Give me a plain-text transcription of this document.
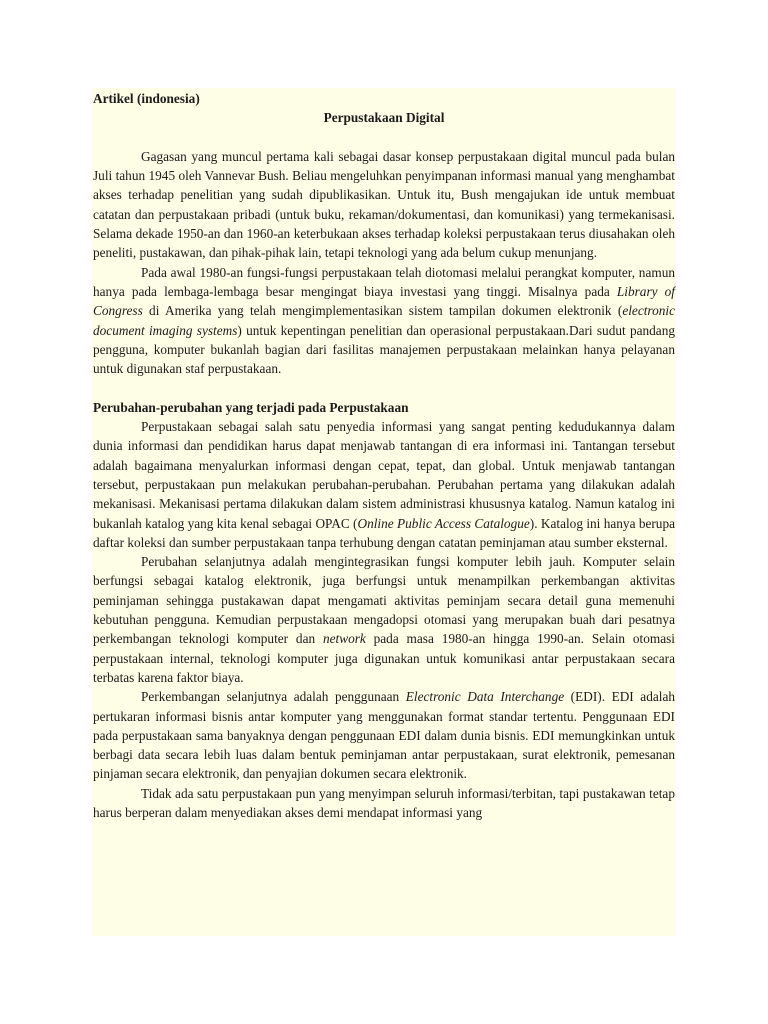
Artikel (indonesia)

Perpustakaan Digital

Gagasan yang muncul pertama kali sebagai dasar konsep perpustakaan digital muncul pada bulan Juli tahun 1945 oleh Vannevar Bush. Beliau mengeluhkan penyimpanan informasi manual yang menghambat akses terhadap penelitian yang sudah dipublikasikan. Untuk itu, Bush mengajukan ide untuk membuat catatan dan perpustakaan pribadi (untuk buku, rekaman/dokumentasi, dan komunikasi) yang termekanisasi. Selama dekade 1950-an dan 1960-an keterbukaan akses terhadap koleksi perpustakaan terus diusahakan oleh peneliti, pustakawan, dan pihak-pihak lain, tetapi teknologi yang ada belum cukup menunjang.

Pada awal 1980-an fungsi-fungsi perpustakaan telah diotomasi melalui perangkat komputer, namun hanya pada lembaga-lembaga besar mengingat biaya investasi yang tinggi. Misalnya pada Library of Congress di Amerika yang telah mengimplementasikan sistem tampilan dokumen elektronik (electronic document imaging systems) untuk kepentingan penelitian dan operasional perpustakaan.Dari sudut pandang pengguna, komputer bukanlah bagian dari fasilitas manajemen perpustakaan melainkan hanya pelayanan untuk digunakan staf perpustakaan.

Perubahan-perubahan yang terjadi pada Perpustakaan

Perpustakaan sebagai salah satu penyedia informasi yang sangat penting kedudukannya dalam dunia informasi dan pendidikan harus dapat menjawab tantangan di era informasi ini. Tantangan tersebut adalah bagaimana menyalurkan informasi dengan cepat, tepat, dan global. Untuk menjawab tantangan tersebut, perpustakaan pun melakukan perubahan-perubahan. Perubahan pertama yang dilakukan adalah mekanisasi. Mekanisasi pertama dilakukan dalam sistem administrasi khususnya katalog. Namun katalog ini bukanlah katalog yang kita kenal sebagai OPAC (Online Public Access Catalogue). Katalog ini hanya berupa daftar koleksi dan sumber perpustakaan tanpa terhubung dengan catatan peminjaman atau sumber eksternal.

Perubahan selanjutnya adalah mengintegrasikan fungsi komputer lebih jauh. Komputer selain berfungsi sebagai katalog elektronik, juga berfungsi untuk menampilkan perkembangan aktivitas peminjaman sehingga pustakawan dapat mengamati aktivitas peminjam secara detail guna memenuhi kebutuhan pengguna. Kemudian perpustakaan mengadopsi otomasi yang merupakan buah dari pesatnya perkembangan teknologi komputer dan network pada masa 1980-an hingga 1990-an. Selain otomasi perpustakaan internal, teknologi komputer juga digunakan untuk komunikasi antar perpustakaan secara terbatas karena faktor biaya.

Perkembangan selanjutnya adalah penggunaan Electronic Data Interchange (EDI). EDI adalah pertukaran informasi bisnis antar komputer yang menggunakan format standar tertentu. Penggunaan EDI pada perpustakaan sama banyaknya dengan penggunaan EDI dalam dunia bisnis. EDI memungkinkan untuk berbagi data secara lebih luas dalam bentuk peminjaman antar perpustakaan, surat elektronik, pemesanan pinjaman secara elektronik, dan penyajian dokumen secara elektronik.

Tidak ada satu perpustakaan pun yang menyimpan seluruh informasi/terbitan, tapi pustakawan tetap harus berperan dalam menyediakan akses demi mendapat informasi yang
